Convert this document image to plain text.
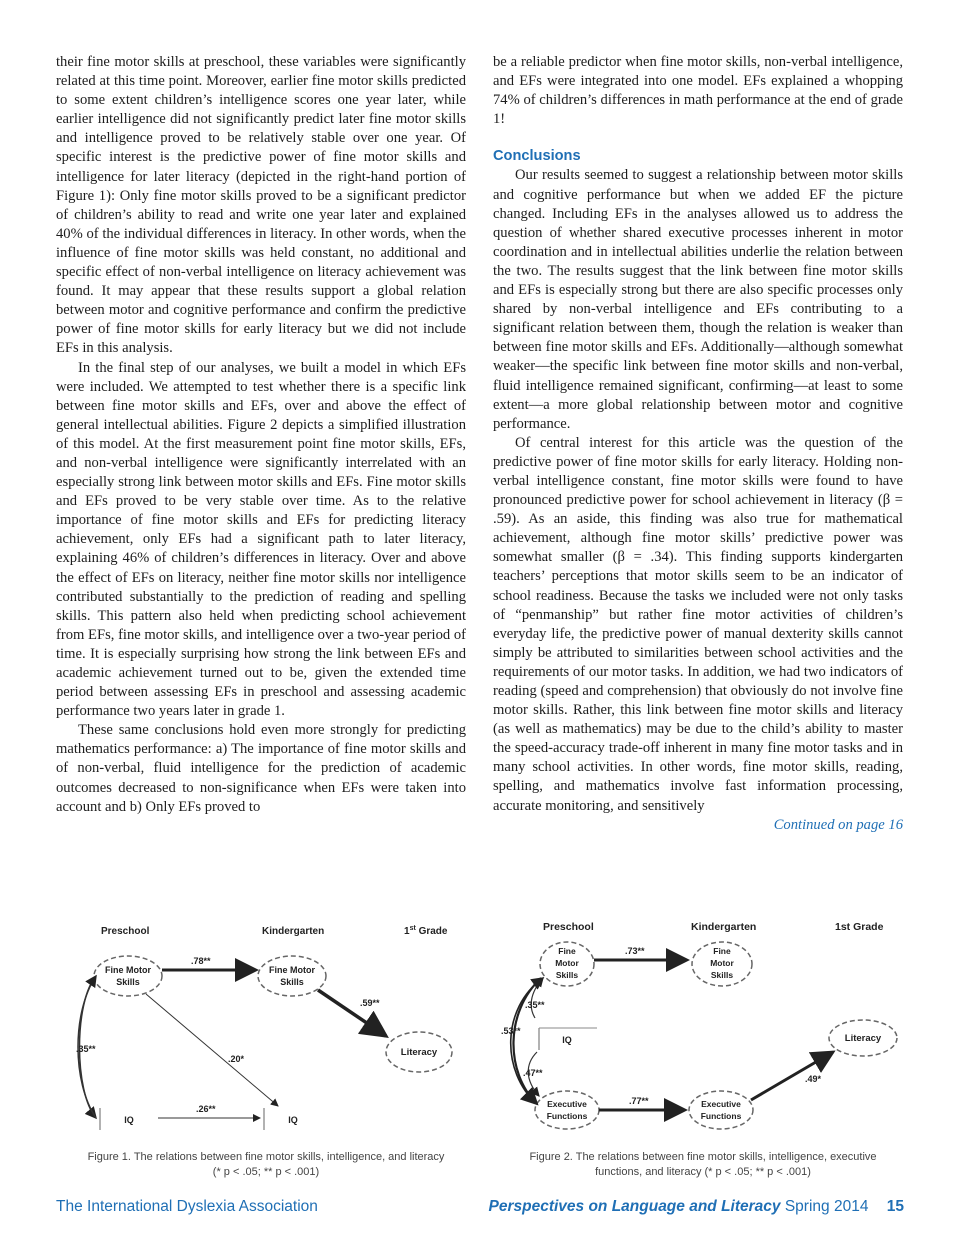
their fine motor skills at preschool, these variables were significantly related at this time point. Moreover, earlier fine motor skills predicted to some extent children’s intelligence scores one year later, while earlier intelligence did not significantly predict later fine motor skills and intelligence proved to be relatively stable over one year. Of specific interest is the predictive power of fine motor skills and intelligence for later literacy (depicted in the right-hand portion of Figure 1): Only fine motor skills proved to be a significant predictor of children’s ability to read and write one year later and explained 40% of the individual differences in literacy. In other words, when the influence of fine motor skills was held constant, no additional and specific effect of non-verbal intelligence on literacy achievement was found. It may appear that these results support a global relation between motor and cognitive performance and confirm the predictive power of fine motor skills for early literacy but we did not include EFs in this analysis.

In the final step of our analyses, we built a model in which EFs were included. We attempted to test whether there is a specific link between fine motor skills and EFs, over and above the effect of general intellectual abilities. Figure 2 depicts a simplified illustration of this model. At the first measurement point fine motor skills, EFs, and non-verbal intelligence were significantly interrelated with an especially strong link between motor skills and EFs. Fine motor skills and EFs proved to be very stable over time. As to the relative importance of fine motor skills and EFs for predicting literacy achievement, only EFs had a significant path to later literacy, explaining 46% of children’s differences in literacy. Over and above the effect of EFs on literacy, neither fine motor skills nor intelligence contributed substantially to the prediction of reading and spelling skills. This pattern also held when predicting school achievement from EFs, fine motor skills, and intelligence over a two-year period of time. It is especially surprising how strong the link between EFs and academic achievement turned out to be, given the extended time period between assessing EFs in preschool and assessing academic performance two years later in grade 1.

These same conclusions hold even more strongly for predicting mathematics performance: a) The importance of fine motor skills and of non-verbal, fluid intelligence for the prediction of academic outcomes decreased to non-significance when EFs were taken into account and b) Only EFs proved to

be a reliable predictor when fine motor skills, non-verbal intelligence, and EFs were integrated into one model. EFs explained a whopping 74% of children’s differences in math performance at the end of grade 1!

Conclusions

Our results seemed to suggest a relationship between motor skills and cognitive performance but when we added EF the picture changed. Including EFs in the analyses allowed us to address the question of whether shared executive processes inherent in motor coordination and in intellectual abilities underlie the relation between the two. The results suggest that the link between fine motor skills and EFs is especially strong but there are also specific processes only shared by non-verbal intelligence and EFs contributing to a significant relation between them, though the relation is weaker than between fine motor skills and EFs. Additionally—although somewhat weaker—the specific link between fine motor skills and non-verbal, fluid intelligence remained significant, confirming—at least to some extent—a more global relationship between motor and cognitive performance.

Of central interest for this article was the question of the predictive power of fine motor skills for early literacy. Holding non-verbal intelligence constant, fine motor skills were found to have pronounced predictive power for school achievement in literacy (β = .59). As an aside, this finding was also true for mathematical achievement, although fine motor skills’ predictive power was somewhat smaller (β = .34). This finding supports kindergarten teachers’ perceptions that motor skills seem to be an indicator of school readiness. Because the tasks we included were not only tasks of “penmanship” but rather fine motor activities of children’s everyday life, the predictive power of manual dexterity skills cannot simply be attributed to similarities between school activities and the requirements of our motor tasks. In addition, we had two indicators of reading (speed and comprehension) that obviously do not involve fine motor skills. Rather, this link between fine motor skills and literacy (as well as mathematics) may be due to the child’s ability to master the speed-accuracy trade-off inherent in many fine motor tasks and in many school activities. In other words, fine motor skills, reading, spelling, and mathematics involve fast information processing, accurate monitoring, and sensitively

Continued on page 16

Preschool	Kindergarten	1st Grade
Fine Motor
Skills
Fine Motor
Skills
Literacy
IQ	IQ
.78**
.59**
.20*
.26**
.35**
Preschool	Kindergarten	1st Grade
Fine
Motor
Skills
Fine
Motor
Skills
IQ	Literacy
Executive
Functions
Executive
Functions
.73**
.77**
.49*
.35**
.53**
.47**
Figure 1. The relations between fine motor skills, intelligence, and literacy
(* p < .05; ** p < .001)
Figure 2. The relations between fine motor skills, intelligence, executive
functions, and literacy (* p < .05; ** p < .001)
The International Dyslexia Association	Perspectives on Language and Literacy Spring 2014 15
